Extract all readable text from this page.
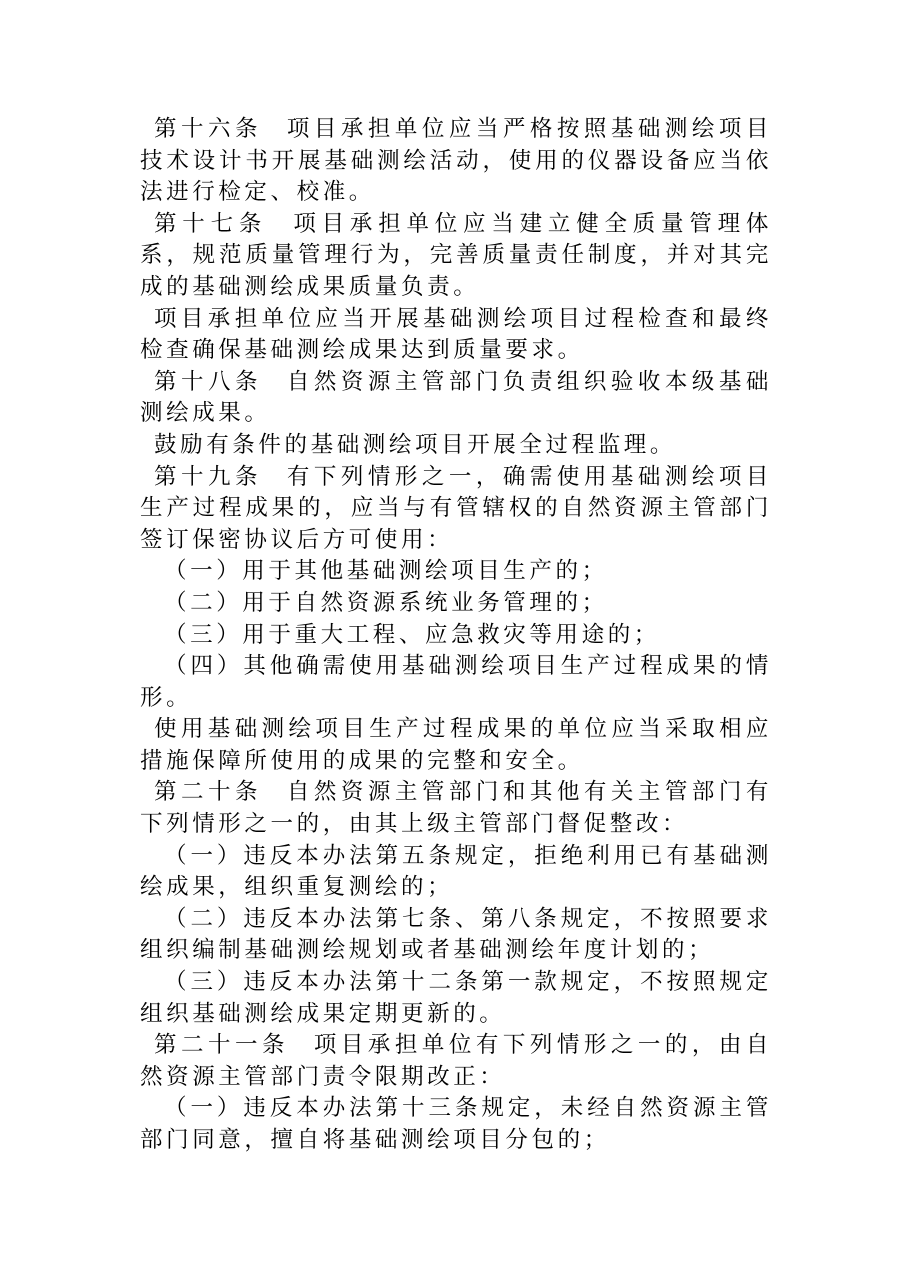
第十六条 项目承担单位应当严格按照基础测绘项目技术设计书开展基础测绘活动，使用的仪器设备应当依法进行检定、校准。

第十七条 项目承担单位应当建立健全质量管理体系，规范质量管理行为，完善质量责任制度，并对其完成的基础测绘成果质量负责。

项目承担单位应当开展基础测绘项目过程检查和最终检查确保基础测绘成果达到质量要求。

第十八条 自然资源主管部门负责组织验收本级基础测绘成果。

鼓励有条件的基础测绘项目开展全过程监理。

第十九条 有下列情形之一，确需使用基础测绘项目生产过程成果的，应当与有管辖权的自然资源主管部门签订保密协议后方可使用：

（一）用于其他基础测绘项目生产的；

（二）用于自然资源系统业务管理的；

（三）用于重大工程、应急救灾等用途的；

（四）其他确需使用基础测绘项目生产过程成果的情形。

使用基础测绘项目生产过程成果的单位应当采取相应措施保障所使用的成果的完整和安全。

第二十条 自然资源主管部门和其他有关主管部门有下列情形之一的，由其上级主管部门督促整改：

（一）违反本办法第五条规定，拒绝利用已有基础测绘成果，组织重复测绘的；

（二）违反本办法第七条、第八条规定，不按照要求组织编制基础测绘规划或者基础测绘年度计划的；

（三）违反本办法第十二条第一款规定，不按照规定组织基础测绘成果定期更新的。

第二十一条 项目承担单位有下列情形之一的，由自然资源主管部门责令限期改正：

（一）违反本办法第十三条规定，未经自然资源主管部门同意，擅自将基础测绘项目分包的；
